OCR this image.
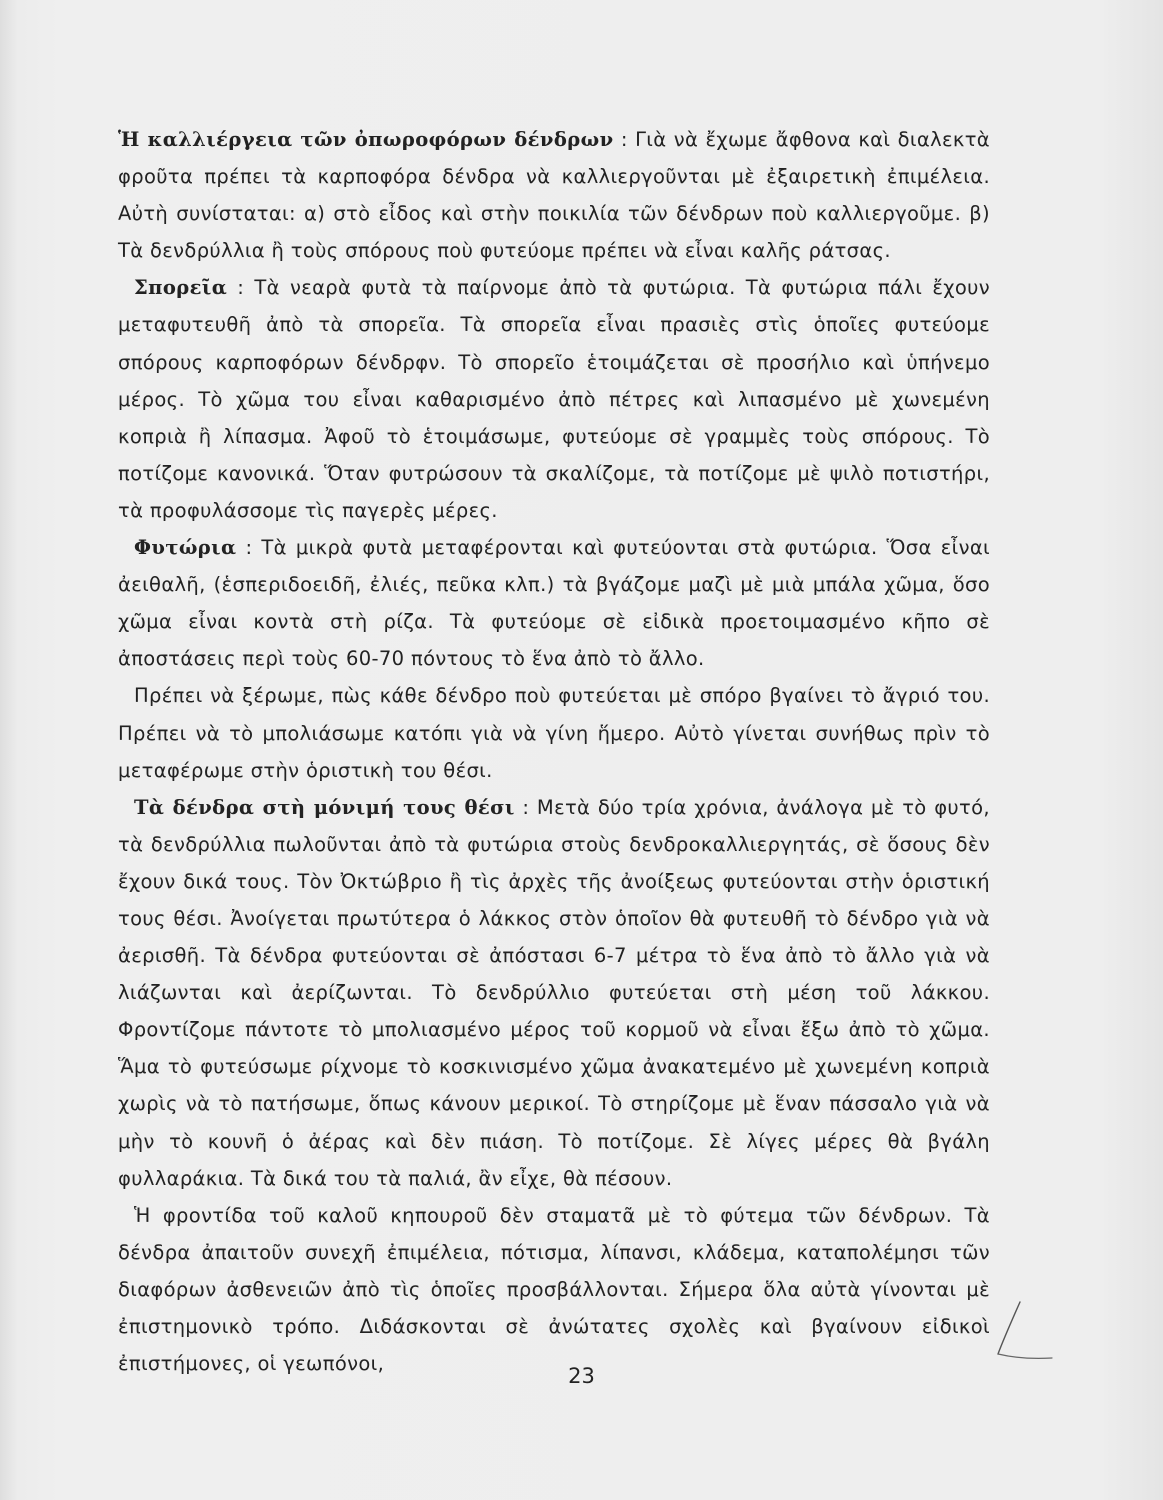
Ἡ καλλιέργεια τῶν ὀπωροφόρων δένδρων : Γιὰ νὰ ἔχωμε ἄφθονα καὶ διαλεκτὰ φροῦτα πρέπει τὰ καρποφόρα δένδρα νὰ καλλιεργοῦνται μὲ ἐξαιρετικὴ ἐπιμέλεια. Αὐτὴ συνίσταται: α) στὸ εἶδος καὶ στὴν ποικιλία τῶν δένδρων ποὺ καλλιεργοῦμε. β) Τὰ δενδρύλλια ἢ τοὺς σπόρους ποὺ φυτεύομε πρέπει νὰ εἶναι καλῆς ράτσας.

Σπορεῖα : Τὰ νεαρὰ φυτὰ τὰ παίρνομε ἀπὸ τὰ φυτώρια. Τὰ φυτώρια πάλι ἔχουν μεταφυτευθῆ ἀπὸ τὰ σπορεῖα. Τὰ σπορεῖα εἶναι πρασιὲς στὶς ὁποῖες φυτεύομε σπόρους καρποφόρων δένδρφν. Τὸ σπορεῖο ἑτοιμάζεται σὲ προσήλιο καὶ ὑπήνεμο μέρος. Τὸ χῶμα του εἶναι καθαρισμένο ἀπὸ πέτρες καὶ λιπασμένο μὲ χωνεμένη κοπριὰ ἢ λίπασμα. Ἀφοῦ τὸ ἑτοιμάσωμε, φυτεύομε σὲ γραμμὲς τοὺς σπόρους. Τὸ ποτίζομε κανονικά. Ὅταν φυτρώσουν τὰ σκαλίζομε, τὰ ποτίζομε μὲ ψιλὸ ποτιστήρι, τὰ προφυλάσσομε τὶς παγερὲς μέρες.

Φυτώρια : Τὰ μικρὰ φυτὰ μεταφέρονται καὶ φυτεύονται στὰ φυτώρια. Ὅσα εἶναι ἀειθαλῆ, (ἑσπεριδοειδῆ, ἐλιές, πεῦκα κλπ.) τὰ βγάζομε μαζὶ μὲ μιὰ μπάλα χῶμα, ὅσο χῶμα εἶναι κοντὰ στὴ ρίζα. Τὰ φυτεύομε σὲ εἰδικὰ προετοιμασμένο κῆπο σὲ ἀποστάσεις περὶ τοὺς 60-70 πόντους τὸ ἕνα ἀπὸ τὸ ἄλλο.

Πρέπει νὰ ξέρωμε, πὼς κάθε δένδρο ποὺ φυτεύεται μὲ σπόρο βγαίνει τὸ ἄγριό του. Πρέπει νὰ τὸ μπολιάσωμε κατόπι γιὰ νὰ γίνη ἥμερο. Αὐτὸ γίνεται συνήθως πρὶν τὸ μεταφέρωμε στὴν ὁριστικὴ του θέσι.

Τὰ δένδρα στὴ μόνιμή τους θέσι : Μετὰ δύο τρία χρόνια, ἀνάλογα μὲ τὸ φυτό, τὰ δενδρύλλια πωλοῦνται ἀπὸ τὰ φυτώρια στοὺς δενδροκαλλιεργητάς, σὲ ὅσους δὲν ἔχουν δικά τους. Τὸν Ὀκτώβριο ἢ τὶς ἀρχὲς τῆς ἀνοίξεως φυτεύονται στὴν ὁριστική τους θέσι. Ἀνοίγεται πρωτύτερα ὁ λάκκος στὸν ὁποῖον θὰ φυτευθῆ τὸ δένδρο γιὰ νὰ ἀερισθῆ. Τὰ δένδρα φυτεύονται σὲ ἀπόστασι 6-7 μέτρα τὸ ἕνα ἀπὸ τὸ ἄλλο γιὰ νὰ λιάζωνται καὶ ἀερίζωνται. Τὸ δενδρύλλιο φυτεύεται στὴ μέση τοῦ λάκκου. Φροντίζομε πάντοτε τὸ μπολιασμένο μέρος τοῦ κορμοῦ νὰ εἶναι ἔξω ἀπὸ τὸ χῶμα. Ἅμα τὸ φυτεύσωμε ρίχνομε τὸ κοσκινισμένο χῶμα ἀνακατεμένο μὲ χωνεμένη κοπριὰ χωρὶς νὰ τὸ πατήσωμε, ὅπως κάνουν μερικοί. Τὸ στηρίζομε μὲ ἕναν πάσσαλο γιὰ νὰ μὴν τὸ κουνῆ ὁ ἀέρας καὶ δὲν πιάση. Τὸ ποτίζομε. Σὲ λίγες μέρες θὰ βγάλη φυλλαράκια. Τὰ δικά του τὰ παλιά, ἂν εἶχε, θὰ πέσουν.

Ἡ φροντίδα τοῦ καλοῦ κηπουροῦ δὲν σταματᾶ μὲ τὸ φύτεμα τῶν δένδρων. Τὰ δένδρα ἀπαιτοῦν συνεχῆ ἐπιμέλεια, πότισμα, λίπανσι, κλάδεμα, καταπολέμησι τῶν διαφόρων ἀσθενειῶν ἀπὸ τὶς ὁποῖες προσβάλλονται. Σήμερα ὅλα αὐτὰ γίνονται μὲ ἐπιστημονικὸ τρόπο. Διδάσκονται σὲ ἀνώτατες σχολὲς καὶ βγαίνουν εἰδικοὶ ἐπιστήμονες, οἱ γεωπόνοι,

23
